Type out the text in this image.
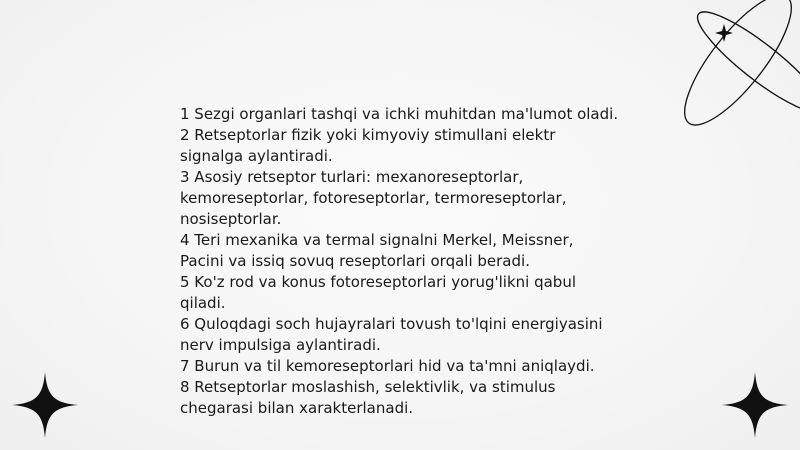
1 Sezgi organlari tashqi va ichki muhitdan ma'lumot oladi.
2 Retseptorlar fizik yoki kimyoviy stimullani elektr signalga aylantiradi.
3 Asosiy retseptor turlari: mexanoreseptorlar, kemoreseptorlar, fotoreseptorlar, termoreseptorlar, nosiseptorlar.
4 Teri mexanika va termal signalni Merkel, Meissner, Pacini va issiq sovuq reseptorlari orqali beradi.
5 Ko'z rod va konus fotoreseptorlari yorug'likni qabul qiladi.
6 Quloqdagi soch hujayralari tovush to'lqini energiyasini nerv impulsiga aylantiradi.
7 Burun va til kemoreseptorlari hid va ta'mni aniqlaydi.
8 Retseptorlar moslashish, selektivlik, va stimulus chegarasi bilan xarakterlanadi.
